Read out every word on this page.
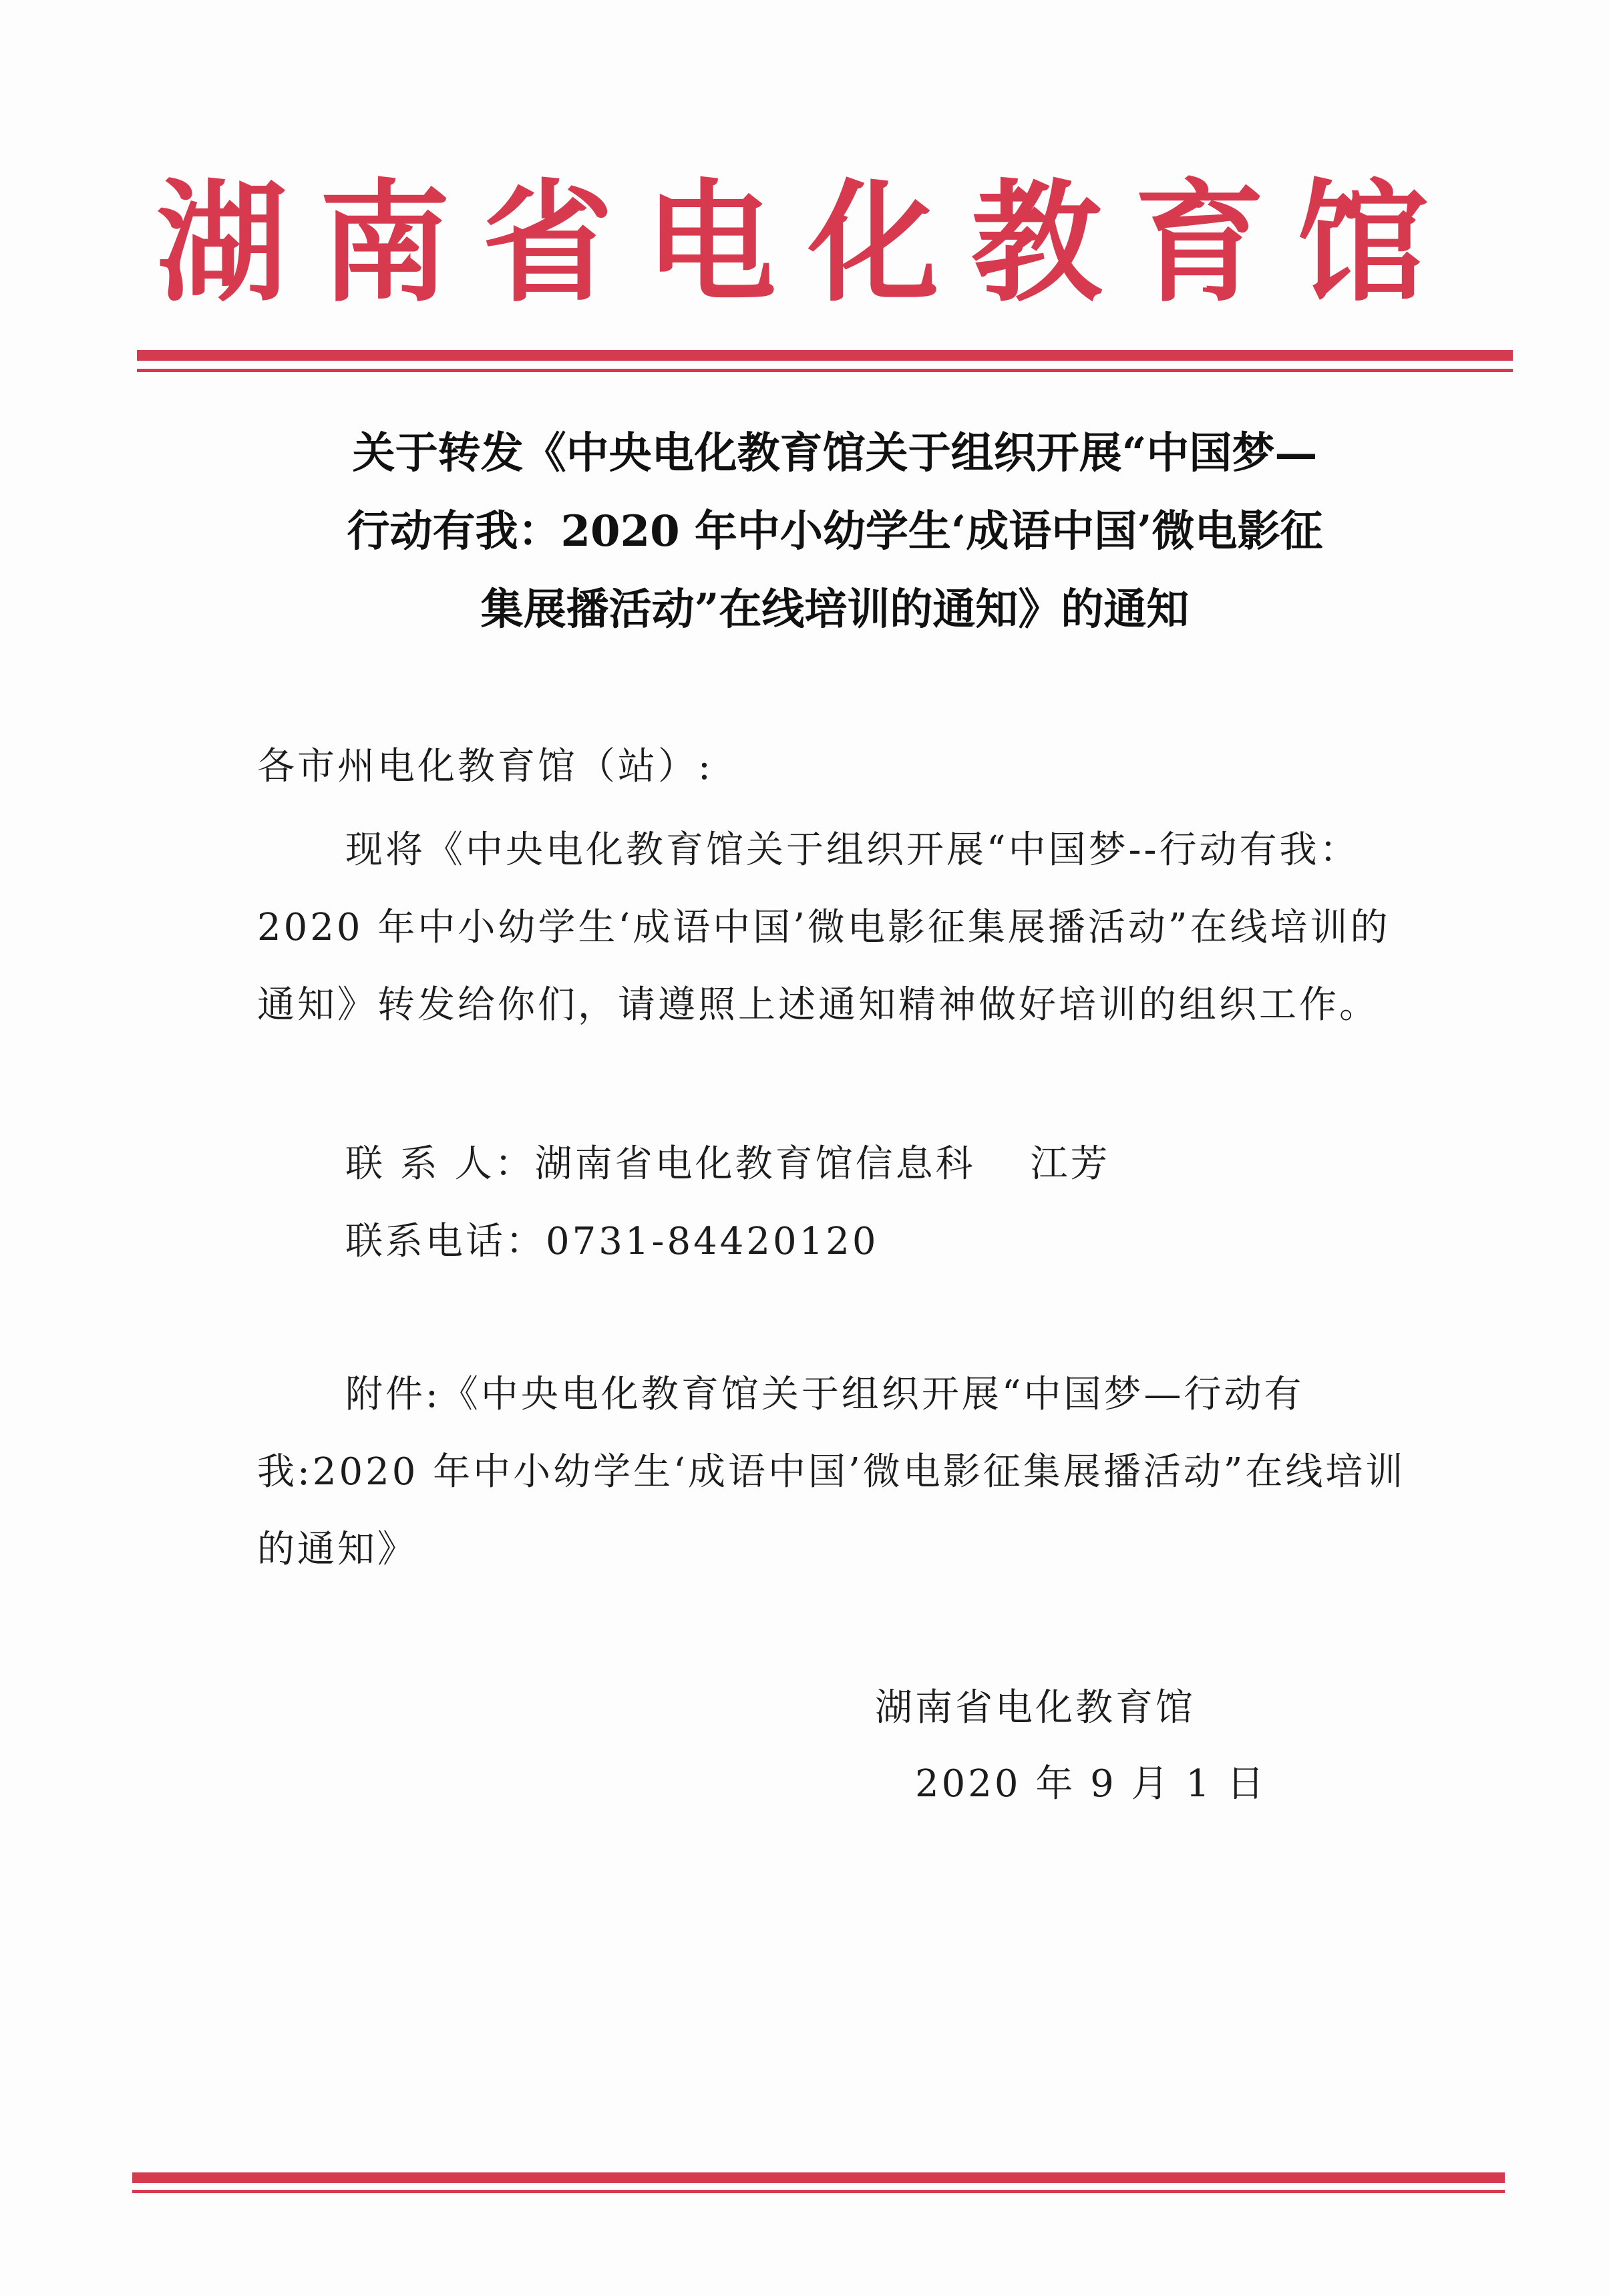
湖南省电化教育馆
关于转发《中央电化教育馆关于组织开展“中国梦—
行动有我：2020 年中小幼学生‘成语中国’微电影征
集展播活动”在线培训的通知》的通知
各市州电化教育馆（站）:
现将《中央电化教育馆关于组织开展“中国梦--行动有我：2020 年中小幼学生‘成语中国’微电影征集展播活动”在线培训的通知》转发给你们，请遵照上述通知精神做好培训的组织工作。
联 系 人：湖南省电化教育馆信息科　 江芳
联系电话：0731-84420120
附件:《中央电化教育馆关于组织开展“中国梦—行动有我:2020 年中小幼学生‘成语中国’微电影征集展播活动”在线培训的通知》
湖南省电化教育馆
2020 年 9 月 1 日
